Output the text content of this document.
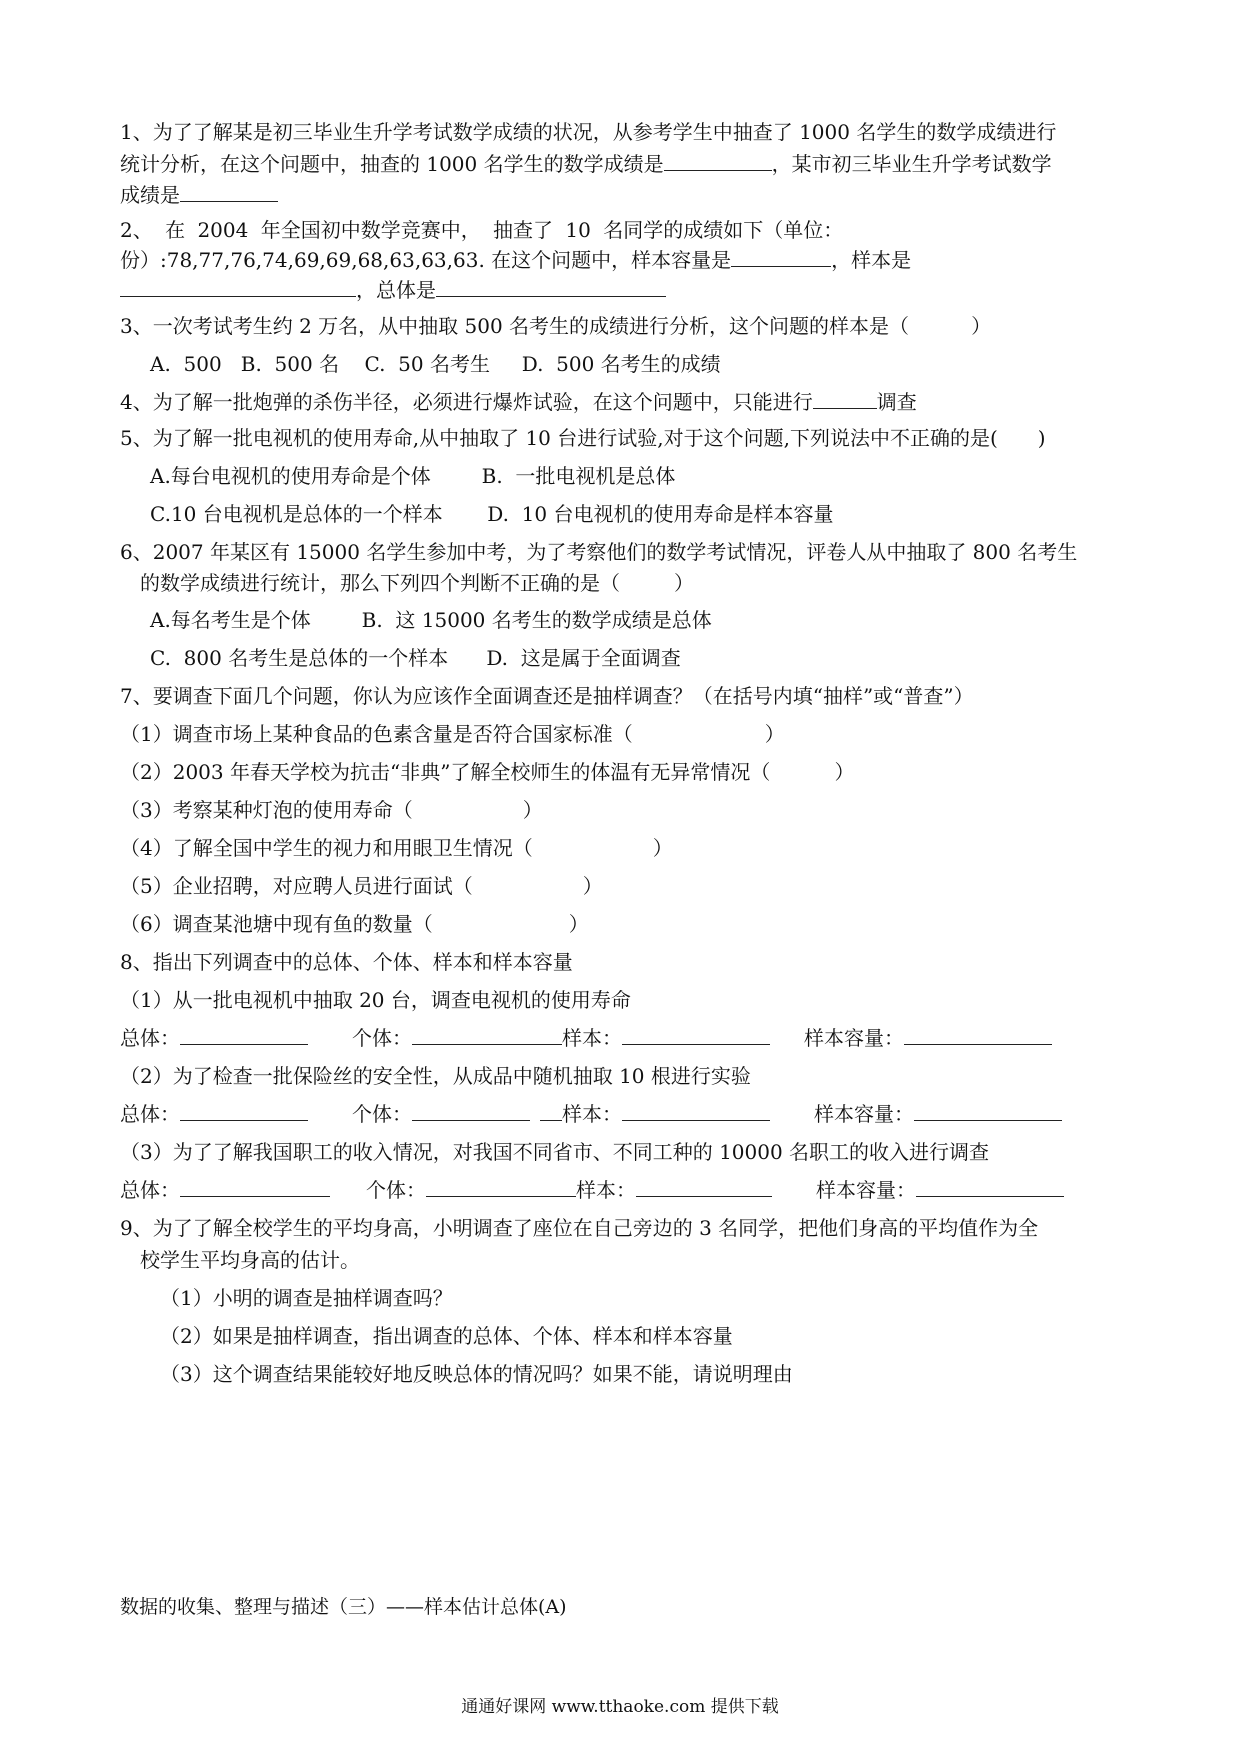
1、为了了解某是初三毕业生升学考试数学成绩的状况，从参考学生中抽查了 1000 名学生的数学成绩进行
统计分析，在这个问题中，抽查的 1000 名学生的数学成绩是	，某市初三毕业生升学考试数学
成绩是
2、 在 2004 年全国初中数学竞赛中， 抽查了 10 名同学的成绩如下（单位：
份）:78,77,76,74,69,69,68,63,63,63. 在这个问题中，样本容量是	，样本是
，总体是
3、一次考试考生约 2 万名，从中抽取 500 名考生的成绩进行分析，这个问题的样本是（	）
A.  500   B.  500 名    C.  50 名考生     D.  500 名考生的成绩
4、为了解一批炮弹的杀伤半径，必须进行爆炸试验，在这个问题中，只能进行	调查
5、为了解一批电视机的使用寿命,从中抽取了 10 台进行试验,对于这个问题,下列说法中不正确的是( )
A.每台电视机的使用寿命是个体        B.  一批电视机是总体
C.10 台电视机是总体的一个样本       D.  10 台电视机的使用寿命是样本容量
6、2007 年某区有 15000 名学生参加中考，为了考察他们的数学考试情况，评卷人从中抽取了 800 名考生
的数学成绩进行统计，那么下列四个判断不正确的是（	）
A.每名考生是个体        B.  这 15000 名考生的数学成绩是总体
C.  800 名考生是总体的一个样本      D.  这是属于全面调查
7、要调查下面几个问题，你认为应该作全面调查还是抽样调查？（在括号内填“抽样”或“普查”）
（1）调查市场上某种食品的色素含量是否符合国家标准（	）
（2）2003 年春天学校为抗击“非典”了解全校师生的体温有无异常情况（	）
（3）考察某种灯泡的使用寿命（	）
（4）了解全国中学生的视力和用眼卫生情况（	）
（5）企业招聘，对应聘人员进行面试（	）
（6）调查某池塘中现有鱼的数量（	）
8、指出下列调查中的总体、个体、样本和样本容量
（1）从一批电视机中抽取 20 台，调查电视机的使用寿命
总体：	个体：	样本：	样本容量：
（2）为了检查一批保险丝的安全性，从成品中随机抽取 10 根进行实验
总体：	个体：	样本：	样本容量：
（3）为了了解我国职工的收入情况，对我国不同省市、不同工种的 10000 名职工的收入进行调查
总体：	个体：	样本：	样本容量：
9、为了了解全校学生的平均身高，小明调查了座位在自己旁边的 3 名同学，把他们身高的平均值作为全
校学生平均身高的估计。
（1）小明的调查是抽样调查吗？
（2）如果是抽样调查，指出调查的总体、个体、样本和样本容量
（3）这个调查结果能较好地反映总体的情况吗？如果不能，请说明理由
数据的收集、整理与描述（三）——样本估计总体(A)
通通好课网 www.tthaoke.com 提供下载
